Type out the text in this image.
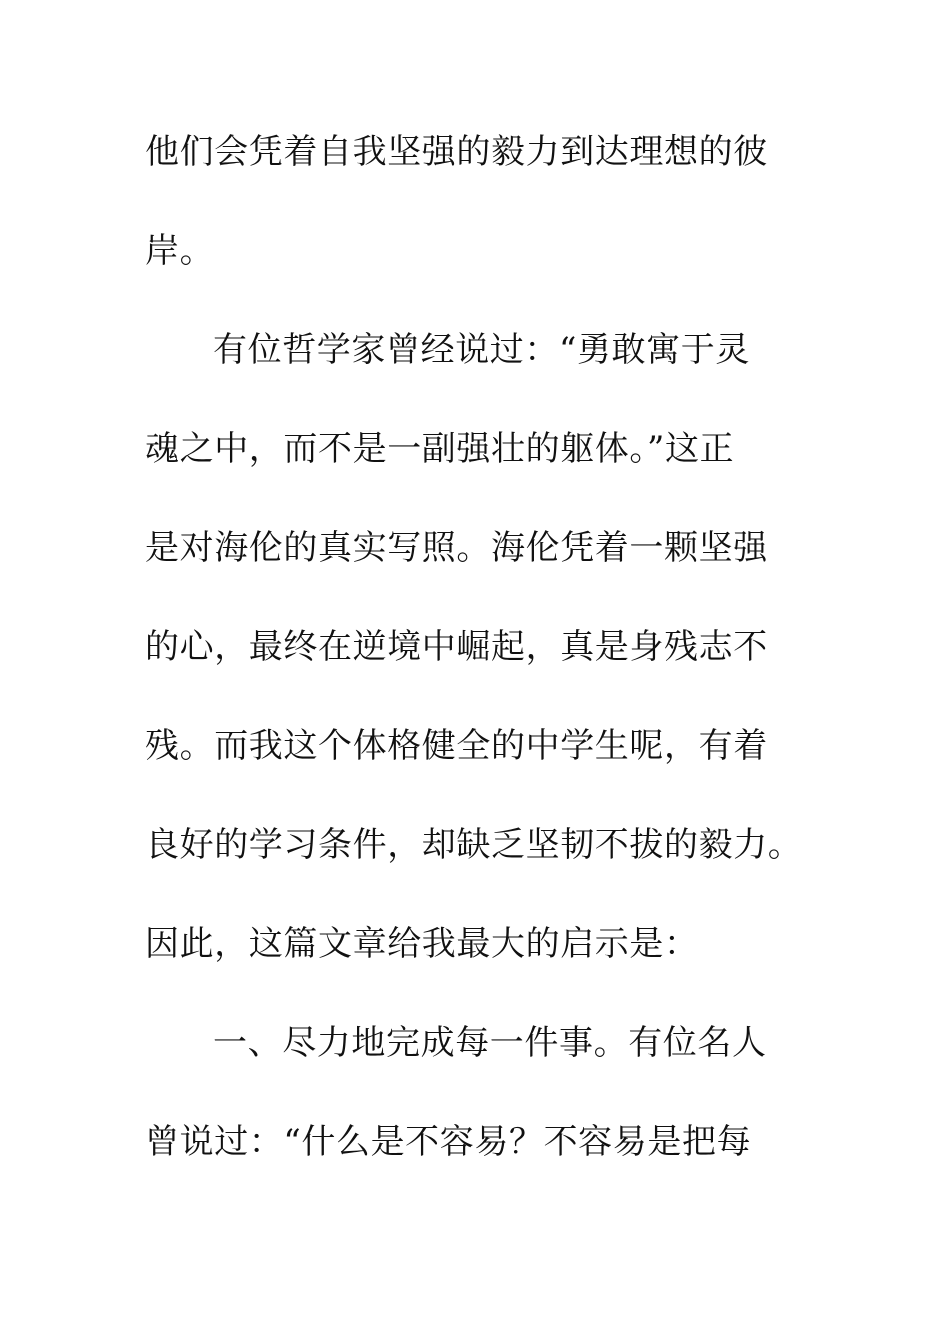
他们会凭着自我坚强的毅力到达理想的彼
岸。
有位哲学家曾经说过：“勇敢寓于灵
魂之中，而不是一副强壮的躯体。”这正
是对海伦的真实写照。海伦凭着一颗坚强
的心，最终在逆境中崛起，真是身残志不
残。而我这个体格健全的中学生呢，有着
良好的学习条件，却缺乏坚韧不拔的毅力。
因此，这篇文章给我最大的启示是：
一、尽力地完成每一件事。有位名人
曾说过：“什么是不容易？不容易是把每
